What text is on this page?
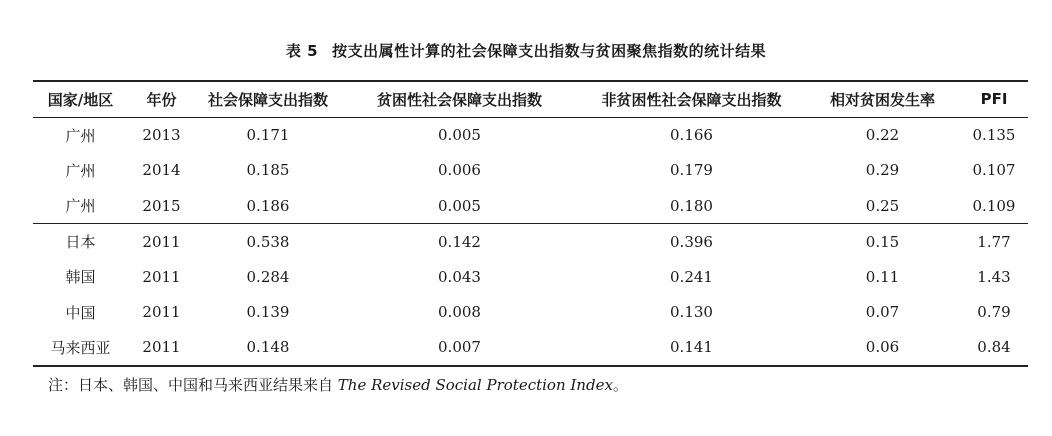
表 5 按支出属性计算的社会保障支出指数与贫困聚焦指数的统计结果
国家/地区	年份	社会保障支出指数	贫困性社会保障支出指数	非贫困性社会保障支出指数	相对贫困发生率	PFI
广州	2013	0.171	0.005	0.166	0.22	0.135
广州	2014	0.185	0.006	0.179	0.29	0.107
广州	2015	0.186	0.005	0.180	0.25	0.109
日本	2011	0.538	0.142	0.396	0.15	1.77
韩国	2011	0.284	0.043	0.241	0.11	1.43
中国	2011	0.139	0.008	0.130	0.07	0.79
马来西亚	2011	0.148	0.007	0.141	0.06	0.84
注：日本、韩国、中国和马来西亚结果来自 The Revised Social Protection Index。
